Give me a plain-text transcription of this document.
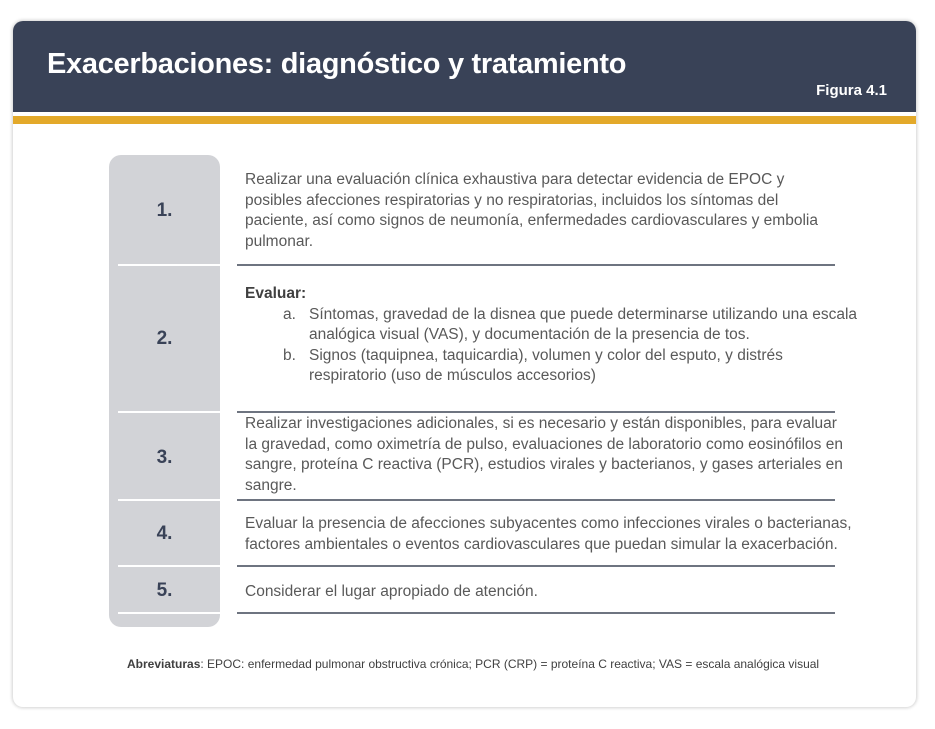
Exacerbaciones: diagnóstico y tratamiento
Figura 4.1
1.
2.
3.
4.
5.

Realizar una evaluación clínica exhaustiva para detectar evidencia de EPOC y posibles afecciones respiratorias y no respiratorias, incluidos los síntomas del paciente, así como signos de neumonía, enfermedades cardiovasculares y embolia pulmonar.

Evaluar:

a. Síntomas, gravedad de la disnea que puede determinarse utilizando una escala analógica visual (VAS), y documentación de la presencia de tos.
b. Signos (taquipnea, taquicardia), volumen y color del esputo, y distrés respiratorio (uso de músculos accesorios)

Realizar investigaciones adicionales, si es necesario y están disponibles, para evaluar la gravedad, como oximetría de pulso, evaluaciones de laboratorio como eosinófilos en sangre, proteína C reactiva (PCR), estudios virales y bacterianos, y gases arteriales en sangre.

Evaluar la presencia de afecciones subyacentes como infecciones virales o bacterianas, factores ambientales o eventos cardiovasculares que puedan simular la exacerbación.

Considerar el lugar apropiado de atención.

Abreviaturas: EPOC: enfermedad pulmonar obstructiva crónica; PCR (CRP) = proteína C reactiva; VAS = escala analógica visual
